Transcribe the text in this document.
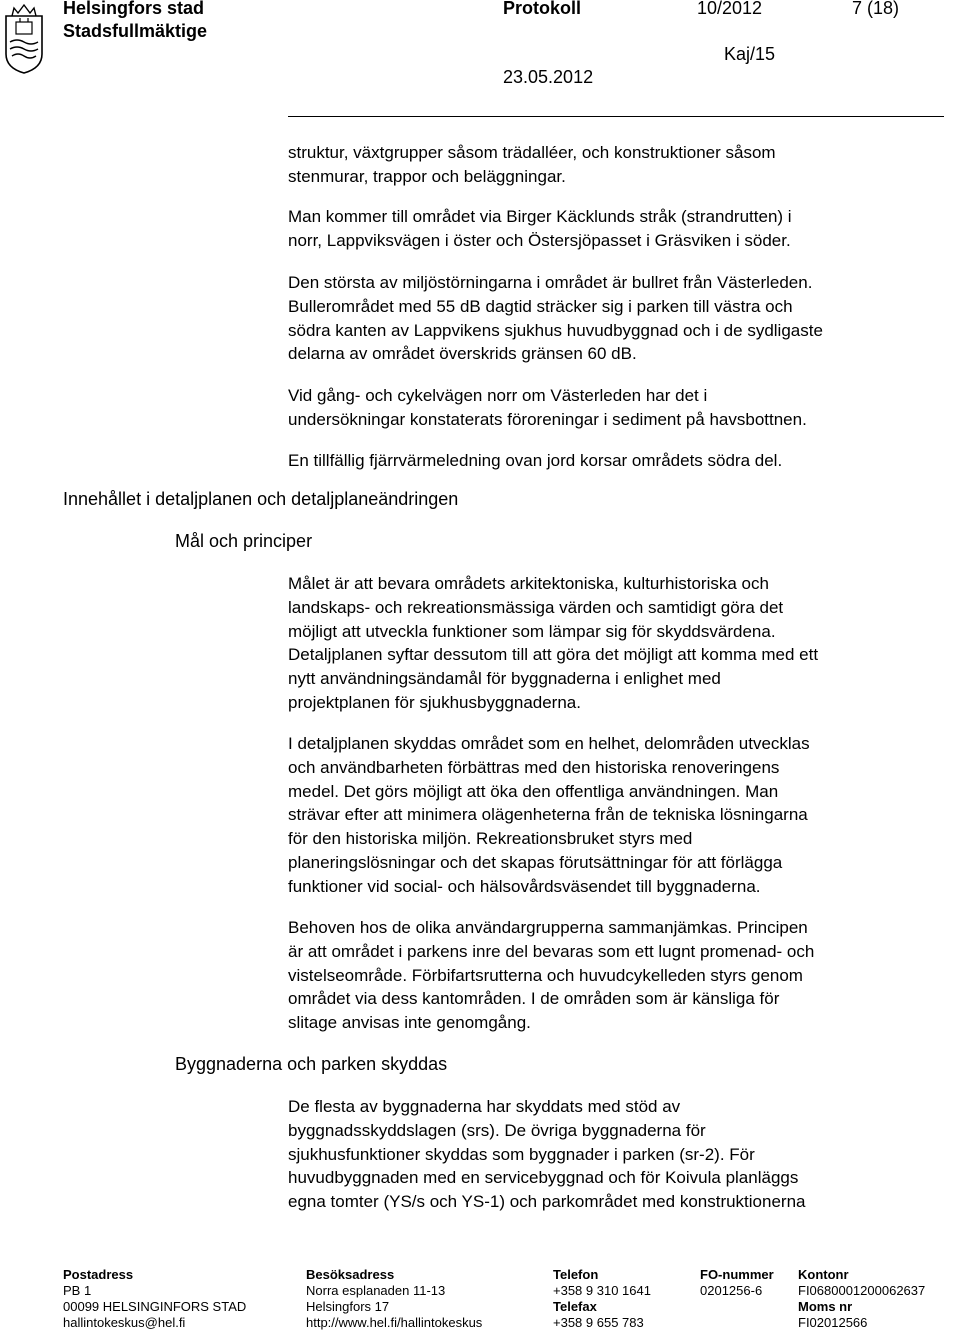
Helsingfors stad
Stadsfullmäktige
Protokoll	10/2012	7 (18)
Kaj/15
23.05.2012
struktur, växtgrupper såsom trädalléer, och konstruktioner såsom
stenmurar, trappor och beläggningar.
Man kommer till området via Birger Käcklunds stråk (strandrutten) i
norr, Lappviksvägen i öster och Östersjöpasset i Gräsviken i söder.
Den största av miljöstörningarna i området är bullret från Västerleden.
Bullerområdet med 55 dB dagtid sträcker sig i parken till västra och
södra kanten av Lappvikens sjukhus huvudbyggnad och i de sydligaste
delarna av området överskrids gränsen 60 dB.
Vid gång- och cykelvägen norr om Västerleden har det i
undersökningar konstaterats föroreningar i sediment på havsbottnen.
En tillfällig fjärrvärmeledning ovan jord korsar områdets södra del.
Innehållet i detaljplanen och detaljplaneändringen
Mål och principer
Målet är att bevara områdets arkitektoniska, kulturhistoriska och
landskaps- och rekreationsmässiga värden och samtidigt göra det
möjligt att utveckla funktioner som lämpar sig för skyddsvärdena.
Detaljplanen syftar dessutom till att göra det möjligt att komma med ett
nytt användningsändamål för byggnaderna i enlighet med
projektplanen för sjukhusbyggnaderna.
I detaljplanen skyddas området som en helhet, delområden utvecklas
och användbarheten förbättras med den historiska renoveringens
medel. Det görs möjligt att öka den offentliga användningen. Man
strävar efter att minimera olägenheterna från de tekniska lösningarna
för den historiska miljön. Rekreationsbruket styrs med
planeringslösningar och det skapas förutsättningar för att förlägga
funktioner vid social- och hälsovårdsväsendet till byggnaderna.
Behoven hos de olika användargrupperna sammanjämkas. Principen
är att området i parkens inre del bevaras som ett lugnt promenad- och
vistelseområde. Förbifartsrutterna och huvudcykelleden styrs genom
området via dess kantområden. I de områden som är känsliga för
slitage anvisas inte genomgång.
Byggnaderna och parken skyddas
De flesta av byggnaderna har skyddats med stöd av
byggnadsskyddslagen (srs). De övriga byggnaderna för
sjukhusfunktioner skyddas som byggnader i parken (sr-2). För
huvudbyggnaden med en servicebyggnad och för Koivula planläggs
egna tomter (YS/s och YS-1) och parkområdet med konstruktionerna
Postadress
PB 1
00099 HELSINGINFORS STAD
hallintokeskus@hel.fi
Besöksadress
Norra esplanaden 11-13
Helsingfors 17
http://www.hel.fi/hallintokeskus
Telefon
+358 9 310 1641
Telefax
+358 9 655 783
FO-nummer
0201256-6
Kontonr
FI0680001200062637
Moms nr
FI02012566
